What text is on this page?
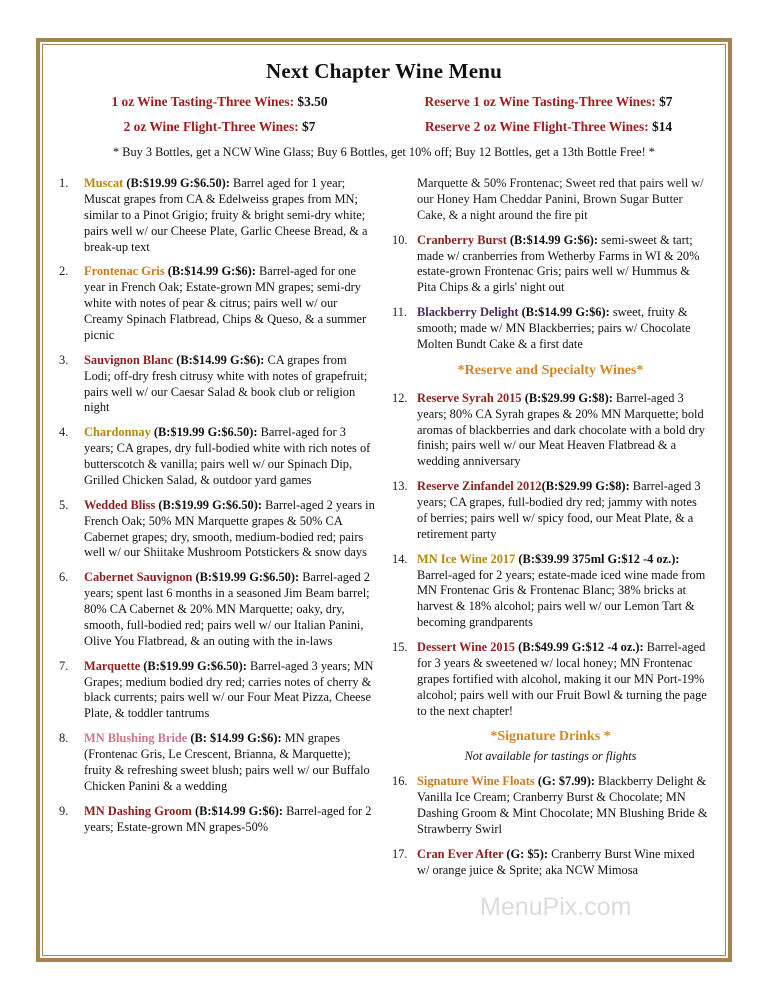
Next Chapter Wine Menu
1 oz Wine Tasting-Three Wines: $3.50	Reserve 1 oz Wine Tasting-Three Wines: $7
2 oz Wine Flight-Three Wines: $7	Reserve 2 oz Wine Flight-Three Wines: $14
* Buy 3 Bottles, get a NCW Wine Glass; Buy 6 Bottles, get 10% off; Buy 12 Bottles, get a 13th Bottle Free! *
1.	Muscat (B:$19.99 G:$6.50): Barrel aged for 1 year; Muscat grapes from CA & Edelweiss grapes from MN; similar to a Pinot Grigio; fruity & bright semi-dry white; pairs well w/ our Cheese Plate, Garlic Cheese Bread, & a break-up text

2.	Frontenac Gris (B:$14.99 G:$6): Barrel-aged for one year in French Oak; Estate-grown MN grapes; semi-dry white with notes of pear & citrus; pairs well w/ our Creamy Spinach Flatbread, Chips & Queso, & a summer picnic

3.	Sauvignon Blanc (B:$14.99 G:$6): CA grapes from Lodi; off-dry fresh citrusy white with notes of grapefruit; pairs well w/ our Caesar Salad & book club or religion night

4.	Chardonnay (B:$19.99 G:$6.50): Barrel-aged for 3 years; CA grapes, dry full-bodied white with rich notes of butterscotch & vanilla; pairs well w/ our Spinach Dip, Grilled Chicken Salad, & outdoor yard games

5.	Wedded Bliss (B:$19.99 G:$6.50): Barrel-aged 2 years in French Oak; 50% MN Marquette grapes & 50% CA Cabernet grapes; dry, smooth, medium-bodied red; pairs well w/ our Shiitake Mushroom Potstickers & snow days

6.	Cabernet Sauvignon (B:$19.99 G:$6.50): Barrel-aged 2 years; spent last 6 months in a seasoned Jim Beam barrel; 80% CA Cabernet & 20% MN Marquette; oaky, dry, smooth, full-bodied red; pairs well w/ our Italian Panini, Olive You Flatbread, & an outing with the in-laws

7.	Marquette (B:$19.99 G:$6.50): Barrel-aged 3 years; MN Grapes; medium bodied dry red; carries notes of cherry & black currents; pairs well w/ our Four Meat Pizza, Cheese Plate, & toddler tantrums

8.	MN Blushing Bride (B: $14.99 G:$6): MN grapes (Frontenac Gris, Le Crescent, Brianna, & Marquette); fruity & refreshing sweet blush; pairs well w/ our Buffalo Chicken Panini & a wedding

9.	MN Dashing Groom (B:$14.99 G:$6): Barrel-aged for 2 years; Estate-grown MN grapes-50%

Marquette & 50% Frontenac; Sweet red that pairs well w/ our Honey Ham Cheddar Panini, Brown Sugar Butter Cake, & a night around the fire pit

10. Cranberry Burst (B:$14.99 G:$6): semi-sweet & tart; made w/ cranberries from Wetherby Farms in WI & 20% estate-grown Frontenac Gris; pairs well w/ Hummus & Pita Chips & a girls' night out

11. Blackberry Delight (B:$14.99 G:$6): sweet, fruity & smooth; made w/ MN Blackberries; pairs w/ Chocolate Molten Bundt Cake & a first date

*Reserve and Specialty Wines*
12. Reserve Syrah 2015 (B:$29.99 G:$8): Barrel-aged 3 years; 80% CA Syrah grapes & 20% MN Marquette; bold aromas of blackberries and dark chocolate with a bold dry finish; pairs well w/ our Meat Heaven Flatbread & a wedding anniversary

13. Reserve Zinfandel 2012(B:$29.99 G:$8): Barrel-aged 3 years; CA grapes, full-bodied dry red; jammy with notes of berries; pairs well w/ spicy food, our Meat Plate, & a retirement party

14. MN Ice Wine 2017 (B:$39.99 375ml G:$12 -4 oz.): Barrel-aged for 2 years; estate-made iced wine made from MN Frontenac Gris & Frontenac Blanc; 38% bricks at harvest & 18% alcohol; pairs well w/ our Lemon Tart & becoming grandparents

15. Dessert Wine 2015 (B:$49.99 G:$12 -4 oz.): Barrel-aged for 3 years & sweetened w/ local honey; MN Frontenac grapes fortified with alcohol, making it our MN Port-19% alcohol; pairs well with our Fruit Bowl & turning the page to the next chapter!

*Signature Drinks *
Not available for tastings or flights
16. Signature Wine Floats (G: $7.99): Blackberry Delight & Vanilla Ice Cream; Cranberry Burst & Chocolate; MN Dashing Groom & Mint Chocolate; MN Blushing Bride & Strawberry Swirl

17. Cran Ever After (G: $5): Cranberry Burst Wine mixed w/ orange juice & Sprite; aka NCW Mimosa

MenuPix.com
